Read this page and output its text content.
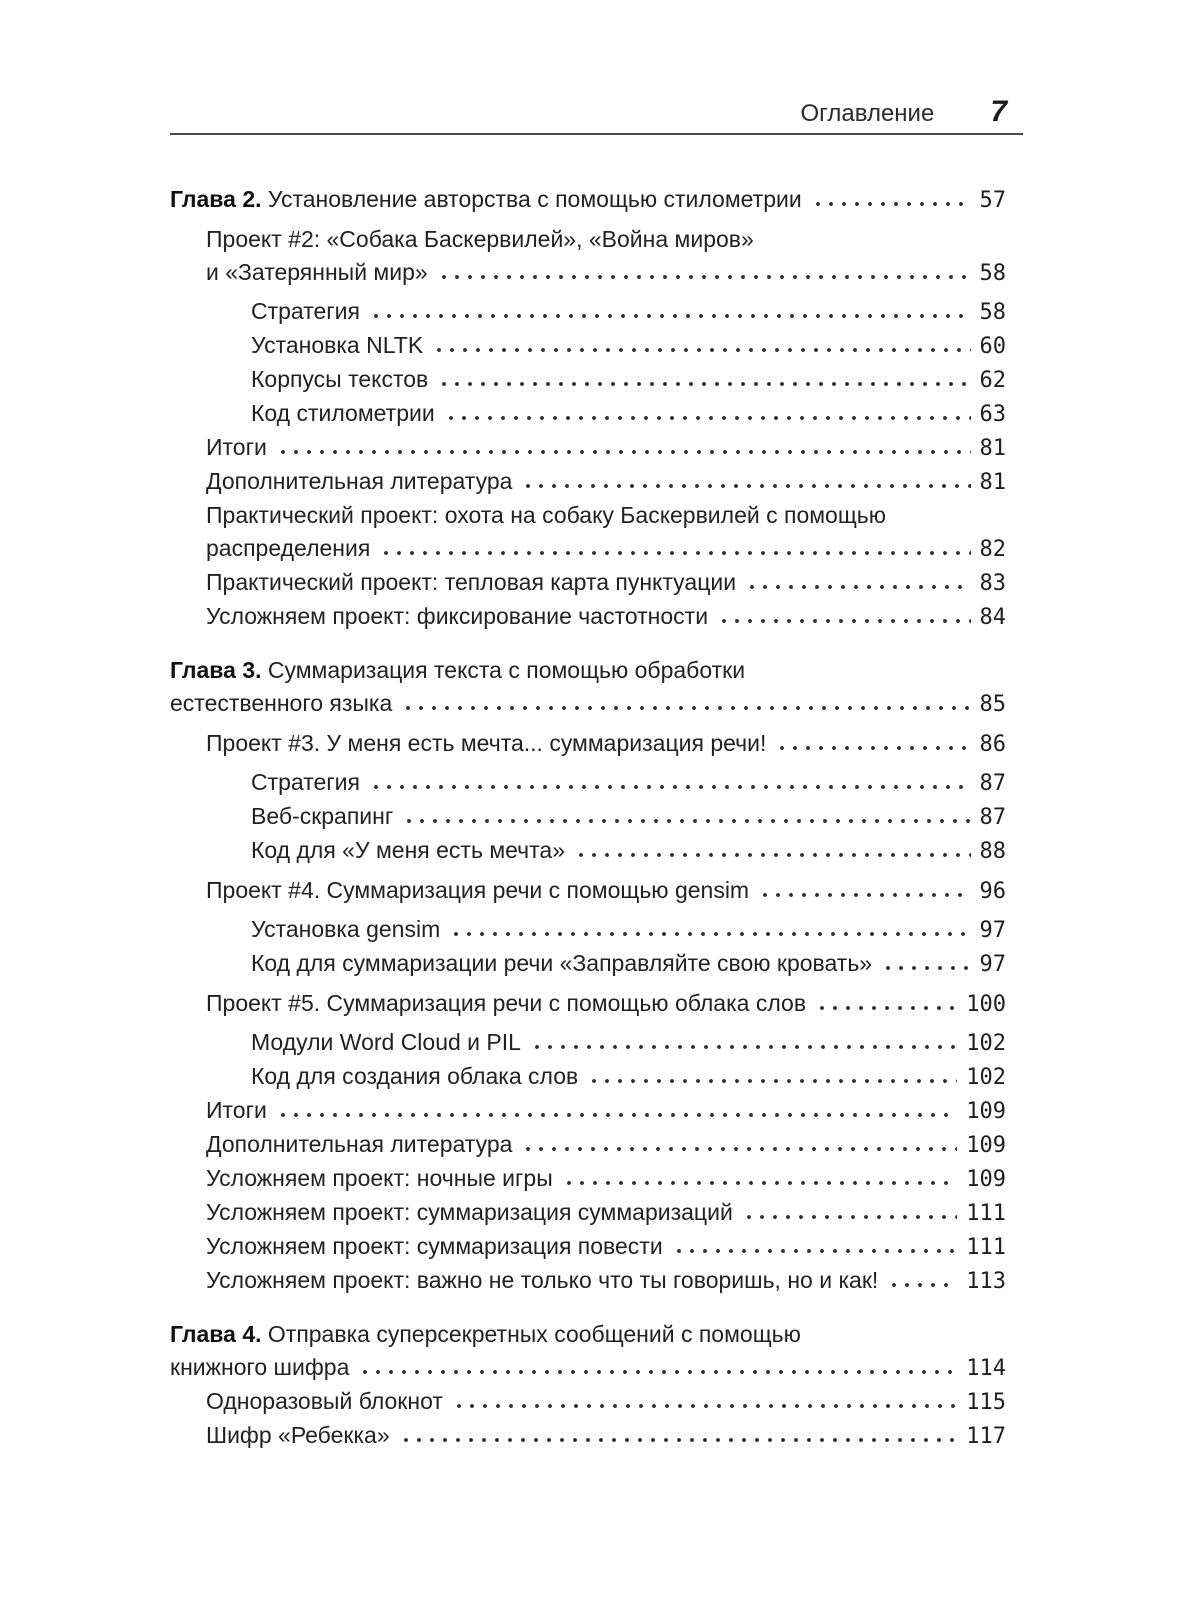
Оглавление 7
Глава 2. Установление авторства с помощью стилометрии	57
Проект #2: «Собака Баскервилей», «Война миров»
и «Затерянный мир»	58
Стратегия	58
Установка NLTK	60
Корпусы текстов	62
Код стилометрии	63
Итоги	81
Дополнительная литература	81
Практический проект: охота на собаку Баскервилей с помощью
распределения	82
Практический проект: тепловая карта пунктуации	83
Усложняем проект: фиксирование частотности	84
Глава 3. Суммаризация текста с помощью обработки
естественного языка	85
Проект #3. У меня есть мечта... суммаризация речи!	86
Стратегия	87
Веб-скрапинг	87
Код для «У меня есть мечта»	88
Проект #4. Суммаризация речи с помощью gensim	96
Установка gensim	97
Код для суммаризации речи «Заправляйте свою кровать»	97
Проект #5. Суммаризация речи с помощью облака слов	100
Модули Word Cloud и PIL	102
Код для создания облака слов	102
Итоги	109
Дополнительная литература	109
Усложняем проект: ночные игры	109
Усложняем проект: суммаризация суммаризаций	111
Усложняем проект: суммаризация повести	111
Усложняем проект: важно не только что ты говоришь, но и как!	113
Глава 4. Отправка суперсекретных сообщений с помощью
книжного шифра	114
Одноразовый блокнот	115
Шифр «Ребекка»	117
